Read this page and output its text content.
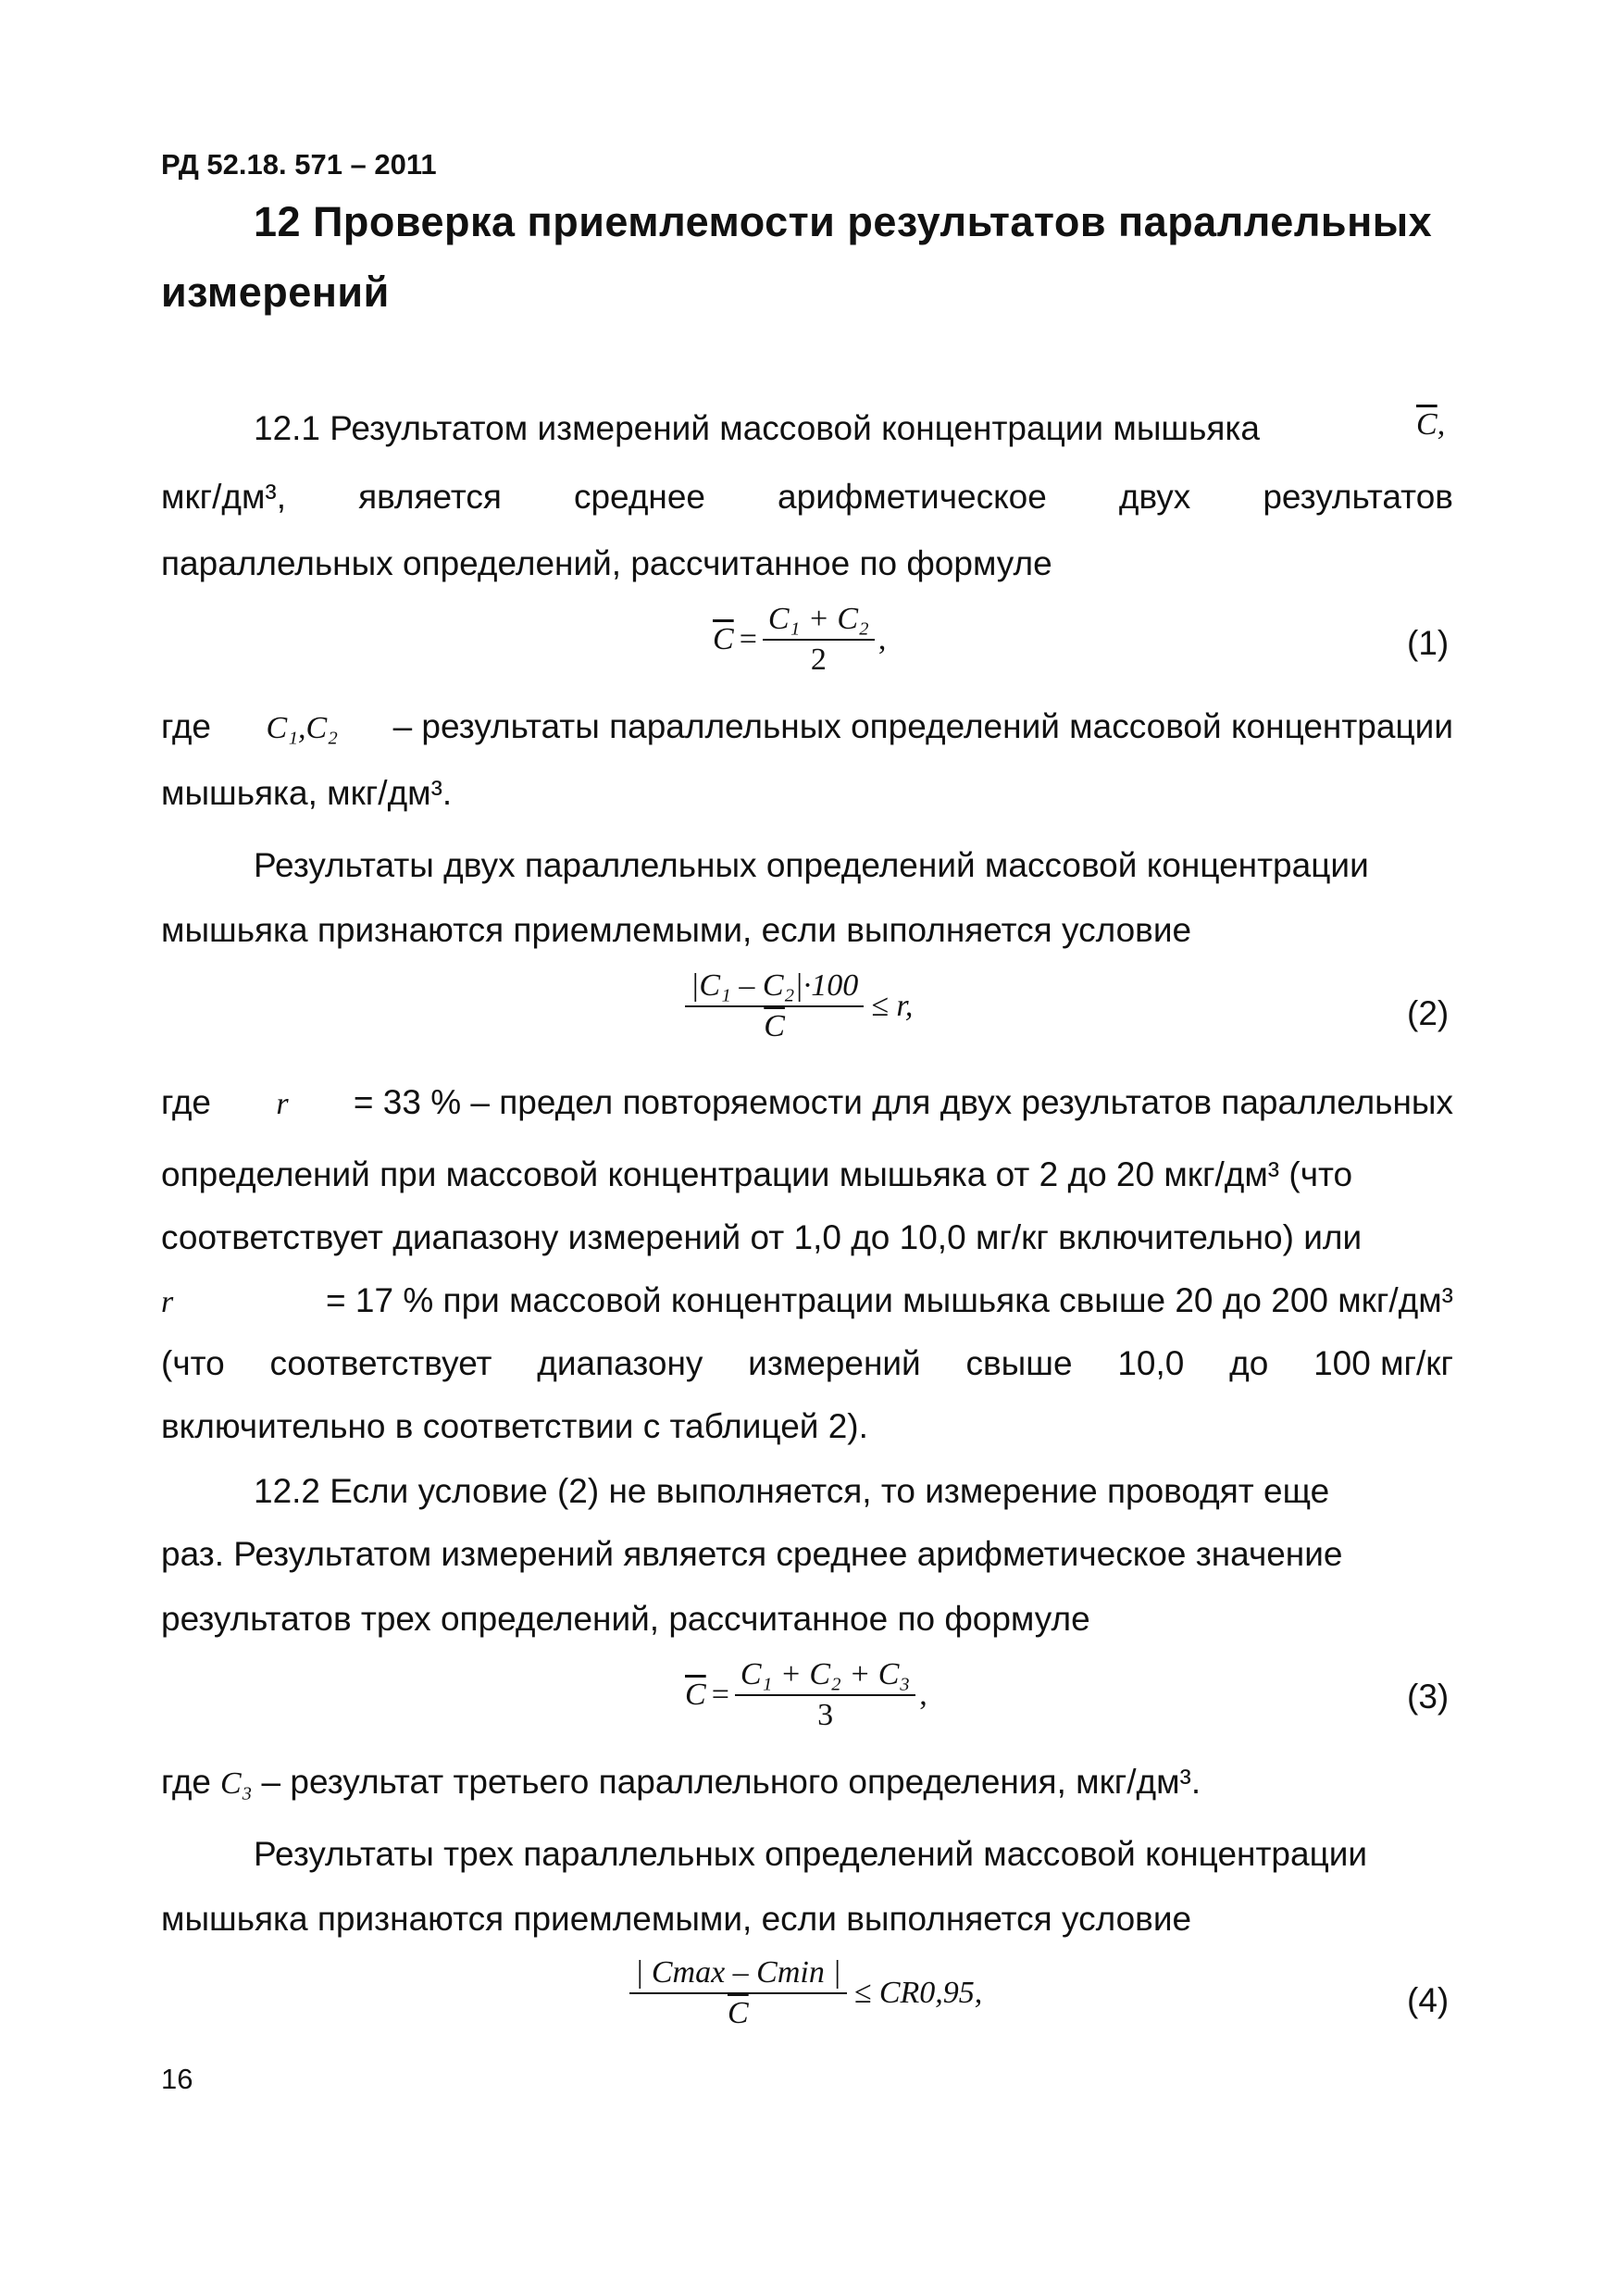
РД 52.18. 571 – 2011
12 Проверка приемлемости результатов параллельных
измерений
12.1 Результатом измерений массовой концентрации мышьяка	$\overline{C}$,
мкг/дм³, является среднее арифметическое двух результатов
параллельных определений, рассчитанное по формуле
$\overline{C} = \frac{\text{C₁ + C₂}}{2}$ ,	(1)
где C₁,C₂ – результаты параллельных определений массовой концентрации
мышьяка, мкг/дм³.
Результаты двух параллельных определений массовой концентрации
мышьяка признаются приемлемыми, если выполняется условие
$\frac{\text{|C₁ – C₂|·100}}{C} \le r$,	(2)
где r = 33 % – предел повторяемости для двух результатов параллельных
определений при массовой концентрации мышьяка от 2 до 20 мкг/дм³ (что
соответствует диапазону измерений от 1,0 до 10,0 мг/кг включительно) или
r	= 17 % при массовой концентрации мышьяка свыше 20 до 200 мкг/дм³
(что соответствует диапазону измерений свыше 10,0 до 100 мг/кг
включительно в соответствии с таблицей 2).
12.2 Если условие (2) не выполняется, то измерение проводят еще
раз. Результатом измерений является среднее арифметическое значение
результатов трех определений, рассчитанное по формуле
$\overline{C} = \frac{\text{C₁ + C₂ + C₃}}{3}$ ,	(3)
где C₃ – результат третьего параллельного определения, мкг/дм³.
Результаты трех параллельных определений массовой концентрации
мышьяка признаются приемлемыми, если выполняется условие
$\frac{| Cmax - Cmin |}{C} \le CR0,95$,	(4)
16
